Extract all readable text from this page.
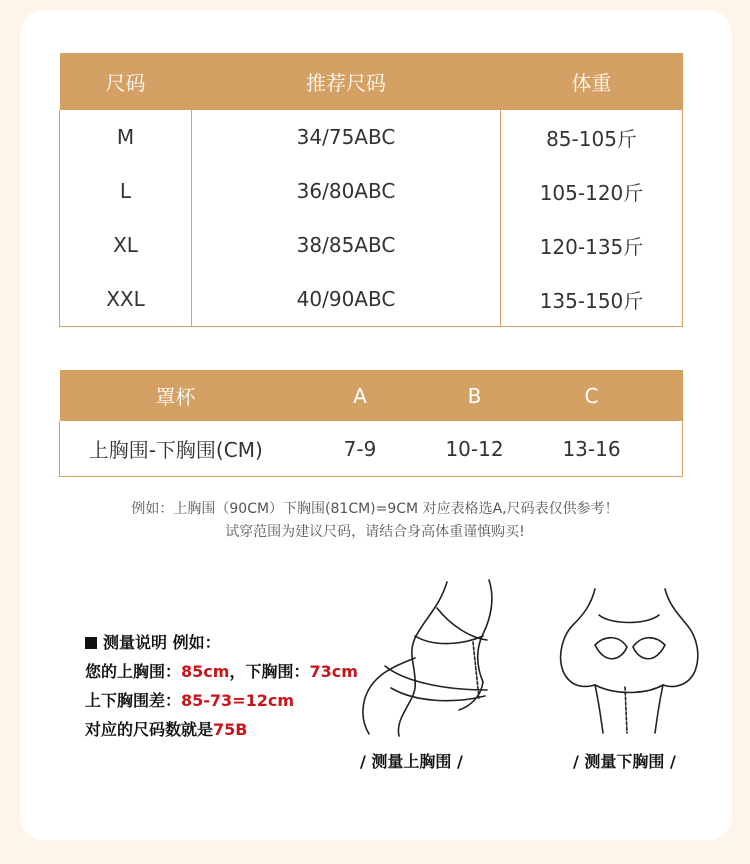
尺码	推荐尺码	体重
M	34/75ABC	85-105斤
L	36/80ABC	105-120斤
XL	38/85ABC	120-135斤
XXL	40/90ABC	135-150斤
罩杯	A	B	C	
上胸围-下胸围(CM)	7-9	10-12	13-16	
例如：上胸围（90CM）下胸围(81CM)=9CM 对应表格选A,尺码表仅供参考！
试穿范围为建议尺码，请结合身高体重谨慎购买!
测量说明 例如：
您的上胸围：85cm，下胸围：73cm
上下胸围差：85-73=12cm
对应的尺码数就是75B
/ 测量上胸围 /	/ 测量下胸围 /
